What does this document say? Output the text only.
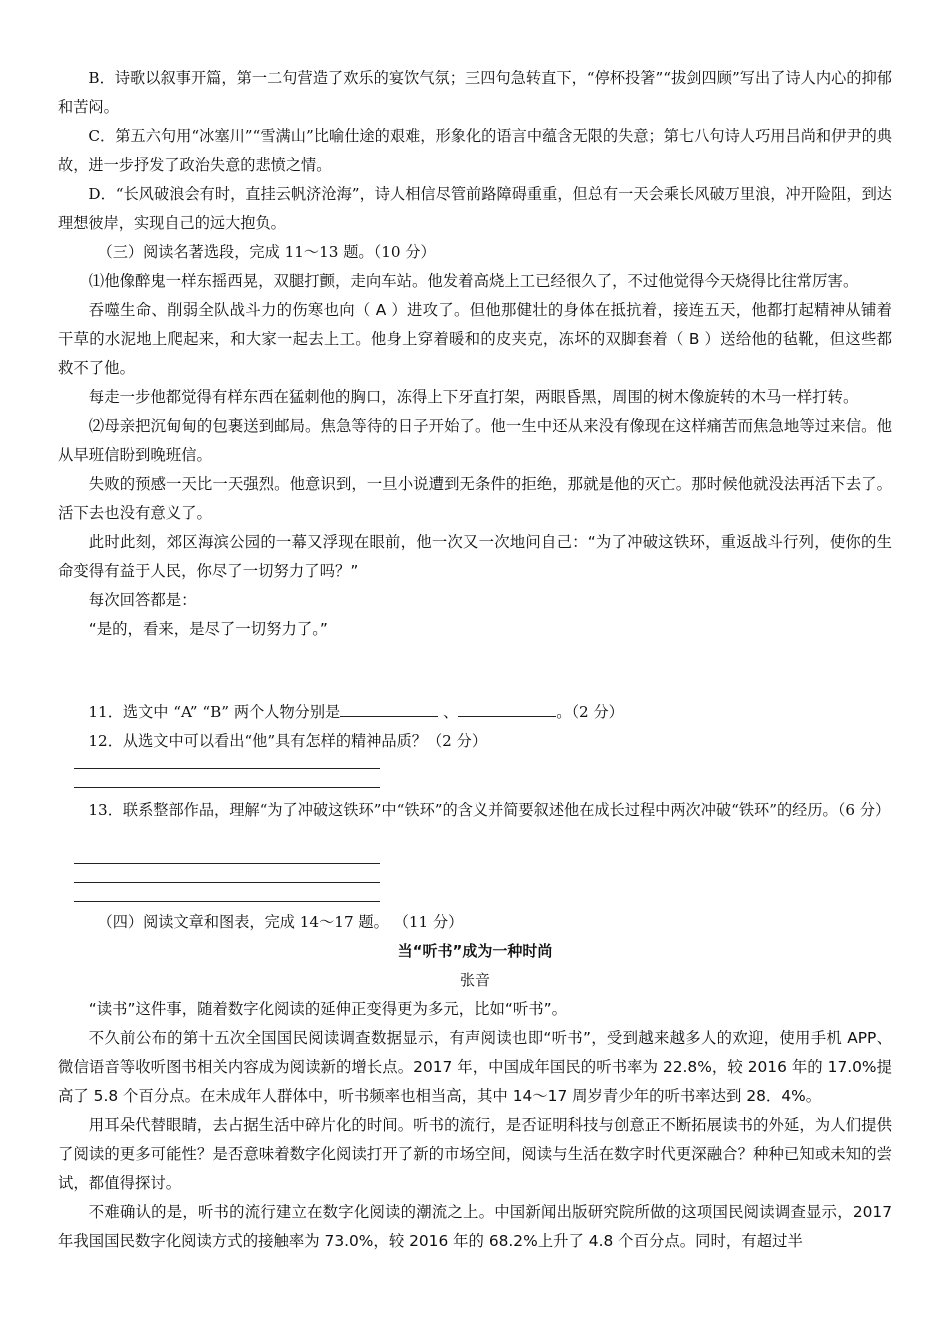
B．诗歌以叙事开篇，第一二句营造了欢乐的宴饮气氛；三四句急转直下，“停杯投箸”“拔剑四顾”写出了诗人内心的抑郁和苦闷。

C．第五六句用“冰塞川”“雪满山”比喻仕途的艰难，形象化的语言中蕴含无限的失意；第七八句诗人巧用吕尚和伊尹的典故，进一步抒发了政治失意的悲愤之情。

D．“长风破浪会有时，直挂云帆济沧海”，诗人相信尽管前路障碍重重，但总有一天会乘长风破万里浪，冲开险阻，到达理想彼岸，实现自己的远大抱负。

（三）阅读名著选段，完成 11～13 题。（10 分）

⑴他像醉鬼一样东摇西晃，双腿打颤，走向车站。他发着高烧上工已经很久了，不过他觉得今天烧得比往常厉害。

吞噬生命、削弱全队战斗力的伤寒也向（ A ）进攻了。但他那健壮的身体在抵抗着，接连五天，他都打起精神从铺着干草的水泥地上爬起来，和大家一起去上工。他身上穿着暖和的皮夹克，冻坏的双脚套着（ B ）送给他的毡靴，但这些都救不了他。

每走一步他都觉得有样东西在猛刺他的胸口，冻得上下牙直打架，两眼昏黑，周围的树木像旋转的木马一样打转。

⑵母亲把沉甸甸的包裹送到邮局。焦急等待的日子开始了。他一生中还从来没有像现在这样痛苦而焦急地等过来信。他从早班信盼到晚班信。

失败的预感一天比一天强烈。他意识到，一旦小说遭到无条件的拒绝，那就是他的灭亡。那时候他就没法再活下去了。活下去也没有意义了。

此时此刻，郊区海滨公园的一幕又浮现在眼前，他一次又一次地问自己：“为了冲破这铁环，重返战斗行列，使你的生命变得有益于人民，你尽了一切努力了吗？”

每次回答都是：

“是的，看来，是尽了一切努力了。”

11．选文中 “A” “B” 两个人物分别是	、	。（2 分）

12．从选文中可以看出“他”具有怎样的精神品质？（2 分）

13．联系整部作品，理解“为了冲破这铁环”中“铁环”的含义并简要叙述他在成长过程中两次冲破“铁环”的经历。（6 分）

（四）阅读文章和图表，完成 14～17 题。 （11 分）

当“听书”成为一种时尚
张音

“读书”这件事，随着数字化阅读的延伸正变得更为多元，比如“听书”。

不久前公布的第十五次全国国民阅读调查数据显示，有声阅读也即“听书”，受到越来越多人的欢迎，使用手机 APP、微信语音等收听图书相关内容成为阅读新的增长点。2017 年，中国成年国民的听书率为 22.8%，较 2016 年的 17.0%提高了 5.8 个百分点。在未成年人群体中，听书频率也相当高，其中 14～17 周岁青少年的听书率达到 28．4%。

用耳朵代替眼睛，去占据生活中碎片化的时间。听书的流行，是否证明科技与创意正不断拓展读书的外延，为人们提供了阅读的更多可能性？是否意味着数字化阅读打开了新的市场空间，阅读与生活在数字时代更深融合？种种已知或未知的尝试，都值得探讨。

不难确认的是，听书的流行建立在数字化阅读的潮流之上。中国新闻出版研究院所做的这项国民阅读调查显示，2017 年我国国民数字化阅读方式的接触率为 73.0%，较 2016 年的 68.2%上升了 4.8 个百分点。同时，有超过半
